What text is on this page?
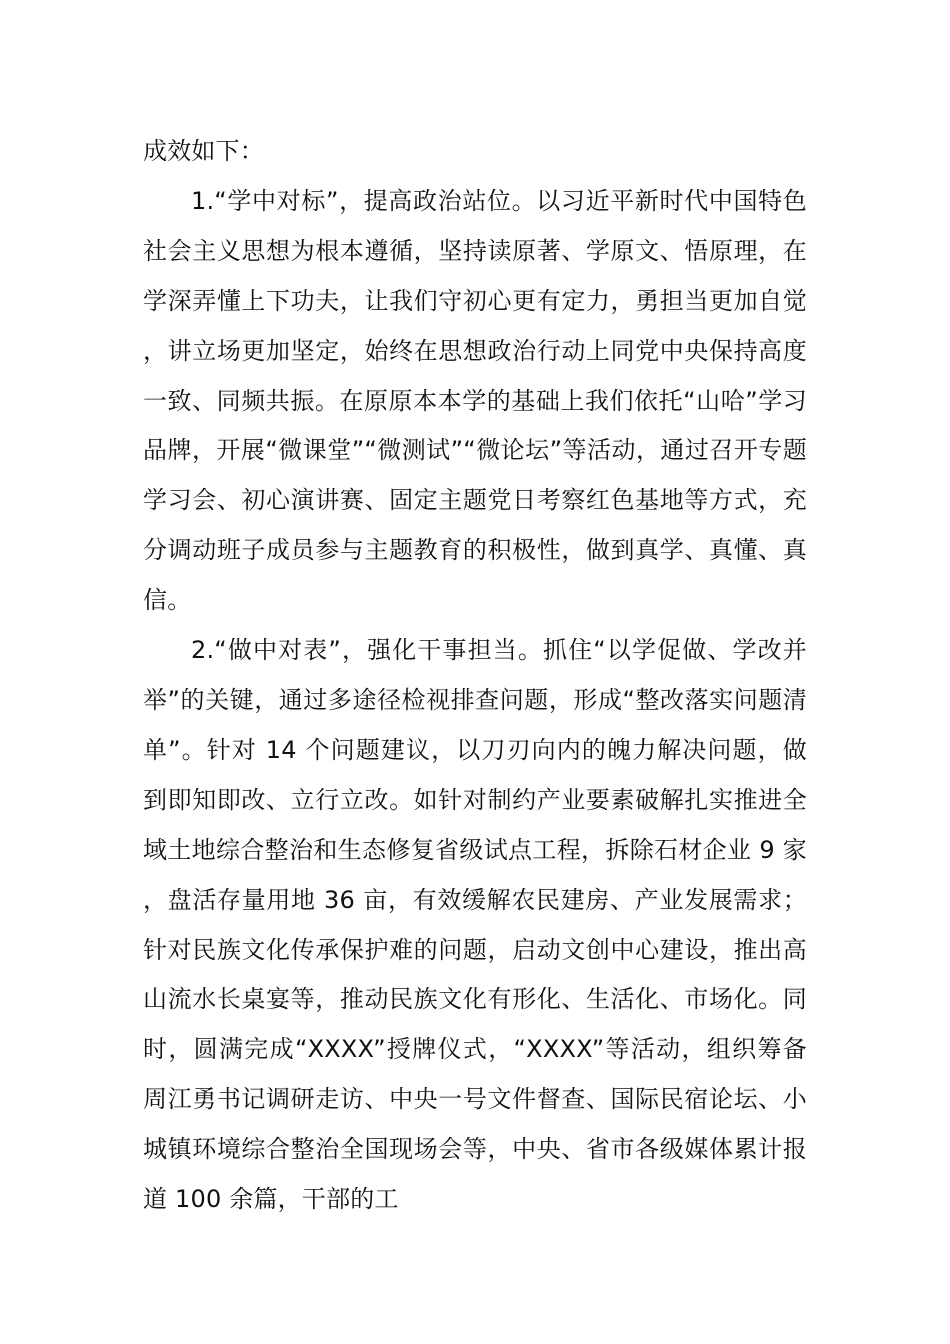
成效如下：

1.“学中对标”，提高政治站位。以习近平新时代中国特色社会主义思想为根本遵循，坚持读原著、学原文、悟原理，在学深弄懂上下功夫，让我们守初心更有定力，勇担当更加自觉，讲立场更加坚定，始终在思想政治行动上同党中央保持高度一致、同频共振。在原原本本学的基础上我们依托“山哈”学习品牌，开展“微课堂”“微测试”“微论坛”等活动，通过召开专题学习会、初心演讲赛、固定主题党日考察红色基地等方式，充分调动班子成员参与主题教育的积极性，做到真学、真懂、真信。

2.“做中对表”，强化干事担当。抓住“以学促做、学改并举”的关键，通过多途径检视排查问题，形成“整改落实问题清单”。针对 14 个问题建议，以刀刃向内的魄力解决问题，做到即知即改、立行立改。如针对制约产业要素破解扎实推进全域土地综合整治和生态修复省级试点工程，拆除石材企业 9 家，盘活存量用地 36 亩，有效缓解农民建房、产业发展需求；针对民族文化传承保护难的问题，启动文创中心建设，推出高山流水长桌宴等，推动民族文化有形化、生活化、市场化。同时，圆满完成“XXXX”授牌仪式，“XXXX”等活动，组织筹备周江勇书记调研走访、中央一号文件督查、国际民宿论坛、小城镇环境综合整治全国现场会等，中央、省市各级媒体累计报道 100 余篇，干部的工
